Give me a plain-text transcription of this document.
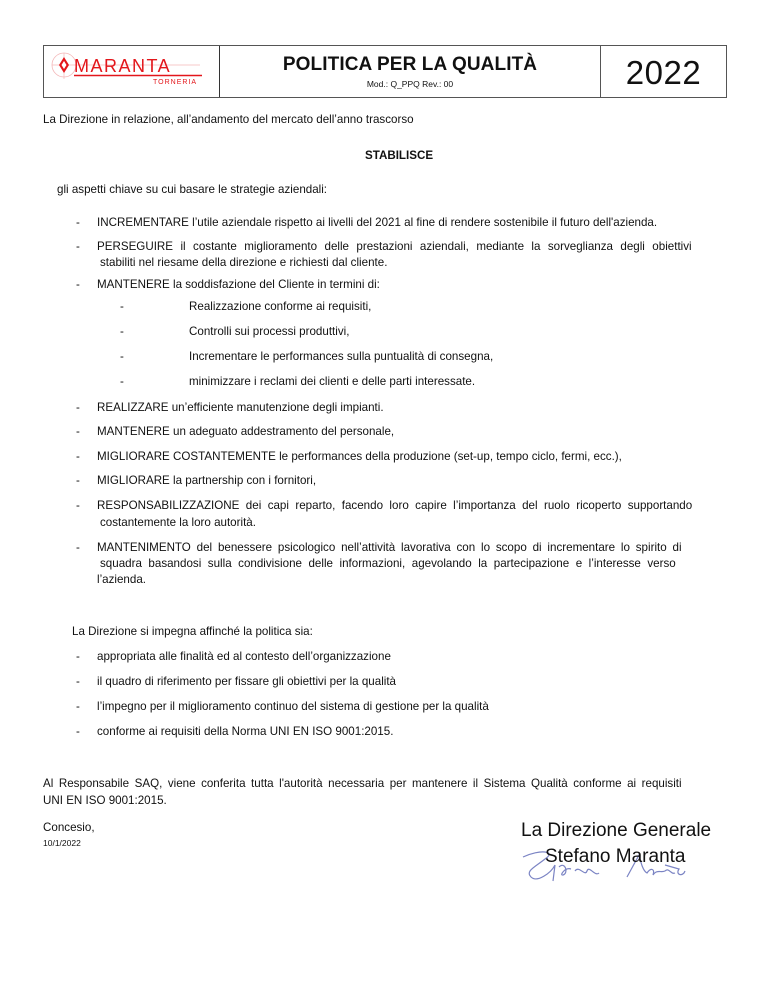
MARANTA
TORNERIA
POLITICA PER LA QUALITÀ
Mod.: Q_PPQ Rev.: 00	2022
La Direzione in relazione, all’andamento del mercato dell’anno trascorso
STABILISCE
gli aspetti chiave su cui basare le strategie aziendali:
- INCREMENTARE l’utile aziendale rispetto ai livelli del 2021 al fine di rendere sostenibile il futuro dell'azienda.
- PERSEGUIRE il costante miglioramento delle prestazioni aziendali, mediante la sorveglianza degli obiettivi
stabiliti nel riesame della direzione e richiesti dal cliente.
- MANTENERE la soddisfazione del Cliente in termini di:
-	Realizzazione conforme ai requisiti,
-	Controlli sui processi produttivi,
-	Incrementare le performances sulla puntualità di consegna,
-	minimizzare i reclami dei clienti e delle parti interessate.
- REALIZZARE un’efficiente manutenzione degli impianti.
- MANTENERE un adeguato addestramento del personale,
- MIGLIORARE COSTANTEMENTE le performances della produzione (set-up, tempo ciclo, fermi, ecc.),
- MIGLIORARE la partnership con i fornitori,
- RESPONSABILIZZAZIONE dei capi reparto, facendo loro capire l’importanza del ruolo ricoperto supportando
costantemente la loro autorità.
- MANTENIMENTO del benessere psicologico nell’attività lavorativa con lo scopo di incrementare lo spirito di
squadra basandosi sulla condivisione delle informazioni, agevolando la partecipazione e l’interesse verso
l’azienda.
La Direzione si impegna affinché la politica sia:
- appropriata alle finalità ed al contesto dell’organizzazione
- il quadro di riferimento per fissare gli obiettivi per la qualità
- l’impegno per il miglioramento continuo del sistema di gestione per la qualità
- conforme ai requisiti della Norma UNI EN ISO 9001:2015.
Al Responsabile SAQ, viene conferita tutta l'autorità necessaria per mantenere il Sistema Qualità conforme ai requisiti
UNI EN ISO 9001:2015.
Concesio,
10/1/2022
La Direzione Generale
Stefano Maranta
